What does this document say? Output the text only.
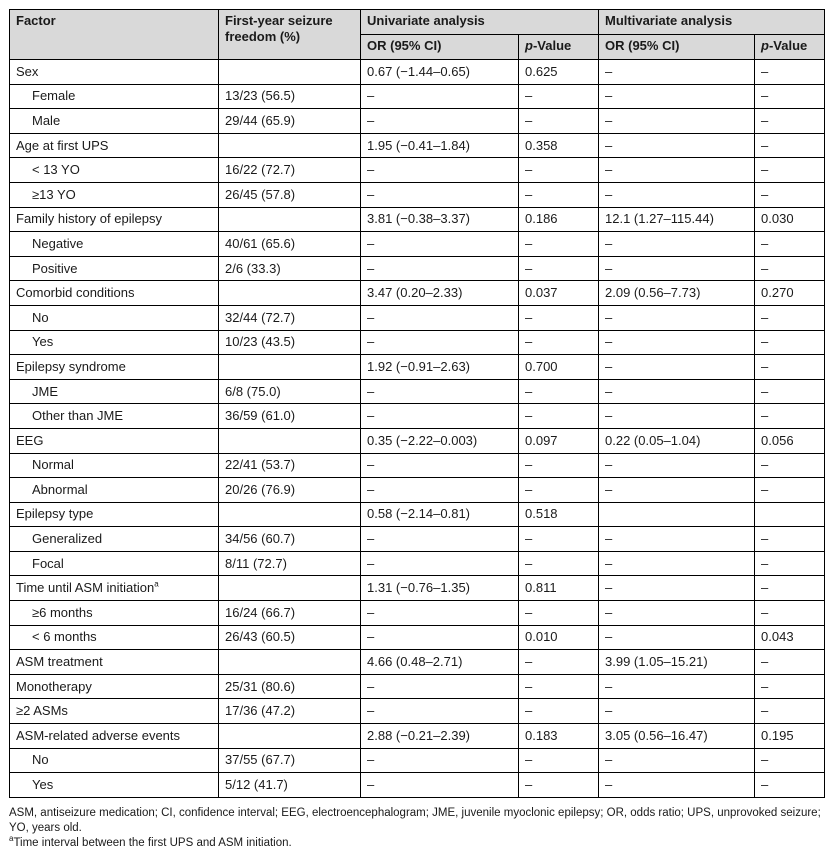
Factor	First-year seizure
freedom (%)	Univariate analysis		Multivariate analysis	
		OR (95% CI)	p-Value	OR (95% CI)	p-Value
Sex		0.67 (−1.44–0.65)	0.625	–	–
Female	13/23 (56.5)	–	–	–	–
Male	29/44 (65.9)	–	–	–	–
Age at first UPS		1.95 (−0.41–1.84)	0.358	–	–
< 13 YO	16/22 (72.7)	–	–	–	–
≥13 YO	26/45 (57.8)	–	–	–	–
Family history of epilepsy		3.81 (−0.38–3.37)	0.186	12.1 (1.27–115.44)	0.030
Negative	40/61 (65.6)	–	–	–	–
Positive	2/6 (33.3)	–	–	–	–
Comorbid conditions		3.47 (0.20–2.33)	0.037	2.09 (0.56–7.73)	0.270
No	32/44 (72.7)	–	–	–	–
Yes	10/23 (43.5)	–	–	–	–
Epilepsy syndrome		1.92 (−0.91–2.63)	0.700	–	–
JME	6/8 (75.0)	–	–	–	–
Other than JME	36/59 (61.0)	–	–	–	–
EEG		0.35 (−2.22–0.003)	0.097	0.22 (0.05–1.04)	0.056
Normal	22/41 (53.7)	–	–	–	–
Abnormal	20/26 (76.9)	–	–	–	–
Epilepsy type		0.58 (−2.14–0.81)	0.518		
Generalized	34/56 (60.7)	–	–	–	–
Focal	8/11 (72.7)	–	–	–	–
Time until ASM initiation$^a$		1.31 (−0.76–1.35)	0.811	–	–
≥6 months	16/24 (66.7)	–	–	–	–
< 6 months	26/43 (60.5)	–	0.010	–	0.043
ASM treatment		4.66 (0.48–2.71)	–	3.99 (1.05–15.21)	–
Monotherapy	25/31 (80.6)	–	–	–	–
≥2 ASMs	17/36 (47.2)	–	–	–	–
ASM-related adverse events		2.88 (−0.21–2.39)	0.183	3.05 (0.56–16.47)	0.195
No	37/55 (67.7)	–	–	–	–
Yes	5/12 (41.7)	–	–	–	–

ASM, antiseizure medication; CI, confidence interval; EEG, electroencephalogram; JME, juvenile myoclonic epilepsy; OR, odds ratio; UPS, unprovoked seizure; YO, years old.

$^a$Time interval between the first UPS and ASM initiation.
